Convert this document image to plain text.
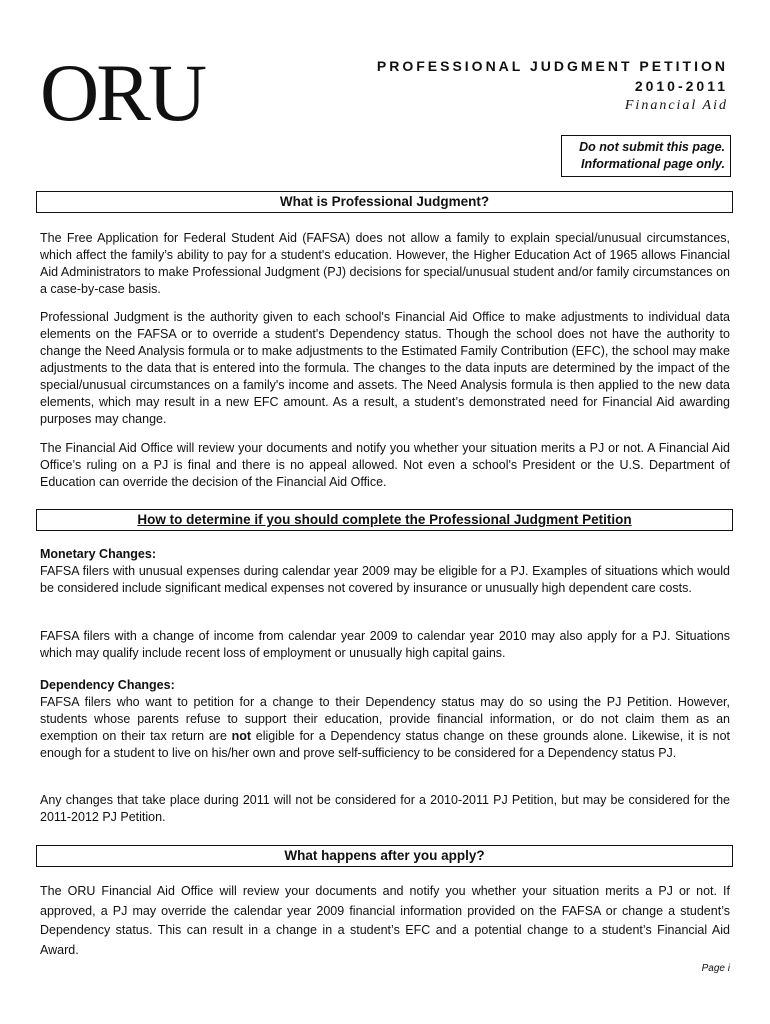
ORU	PROFESSIONAL JUDGMENT PETITION
2010-2011
Financial Aid
Do not submit this page.
Informational page only.
What is Professional Judgment?

The Free Application for Federal Student Aid (FAFSA) does not allow a family to explain special/unusual circumstances, which affect the family’s ability to pay for a student's education. However, the Higher Education Act of 1965 allows Financial Aid Administrators to make Professional Judgment (PJ) decisions for special/unusual student and/or family circumstances on a case-by-case basis.

Professional Judgment is the authority given to each school's Financial Aid Office to make adjustments to individual data elements on the FAFSA or to override a student's Dependency status. Though the school does not have the authority to change the Need Analysis formula or to make adjustments to the Estimated Family Contribution (EFC), the school may make adjustments to the data that is entered into the formula. The changes to the data inputs are determined by the impact of the special/unusual circumstances on a family's income and assets. The Need Analysis formula is then applied to the new data elements, which may result in a new EFC amount. As a result, a student’s demonstrated need for Financial Aid awarding purposes may change.

The Financial Aid Office will review your documents and notify you whether your situation merits a PJ or not. A Financial Aid Office’s ruling on a PJ is final and there is no appeal allowed. Not even a school's President or the U.S. Department of Education can override the decision of the Financial Aid Office.

How to determine if you should complete the Professional Judgment Petition

Monetary Changes:
FAFSA filers with unusual expenses during calendar year 2009 may be eligible for a PJ. Examples of situations which would be considered include significant medical expenses not covered by insurance or unusually high dependent care costs.

FAFSA filers with a change of income from calendar year 2009 to calendar year 2010 may also apply for a PJ. Situations which may qualify include recent loss of employment or unusually high capital gains.

Dependency Changes:
FAFSA filers who want to petition for a change to their Dependency status may do so using the PJ Petition. However, students whose parents refuse to support their education, provide financial information, or do not claim them as an exemption on their tax return are not eligible for a Dependency status change on these grounds alone. Likewise, it is not enough for a student to live on his/her own and prove self-sufficiency to be considered for a Dependency status PJ.

Any changes that take place during 2011 will not be considered for a 2010-2011 PJ Petition, but may be considered for the 2011-2012 PJ Petition.

What happens after you apply?

The ORU Financial Aid Office will review your documents and notify you whether your situation merits a PJ or not. If approved, a PJ may override the calendar year 2009 financial information provided on the FAFSA or change a student’s Dependency status. This can result in a change in a student’s EFC and a potential change to a student’s Financial Aid Award.

Page i
